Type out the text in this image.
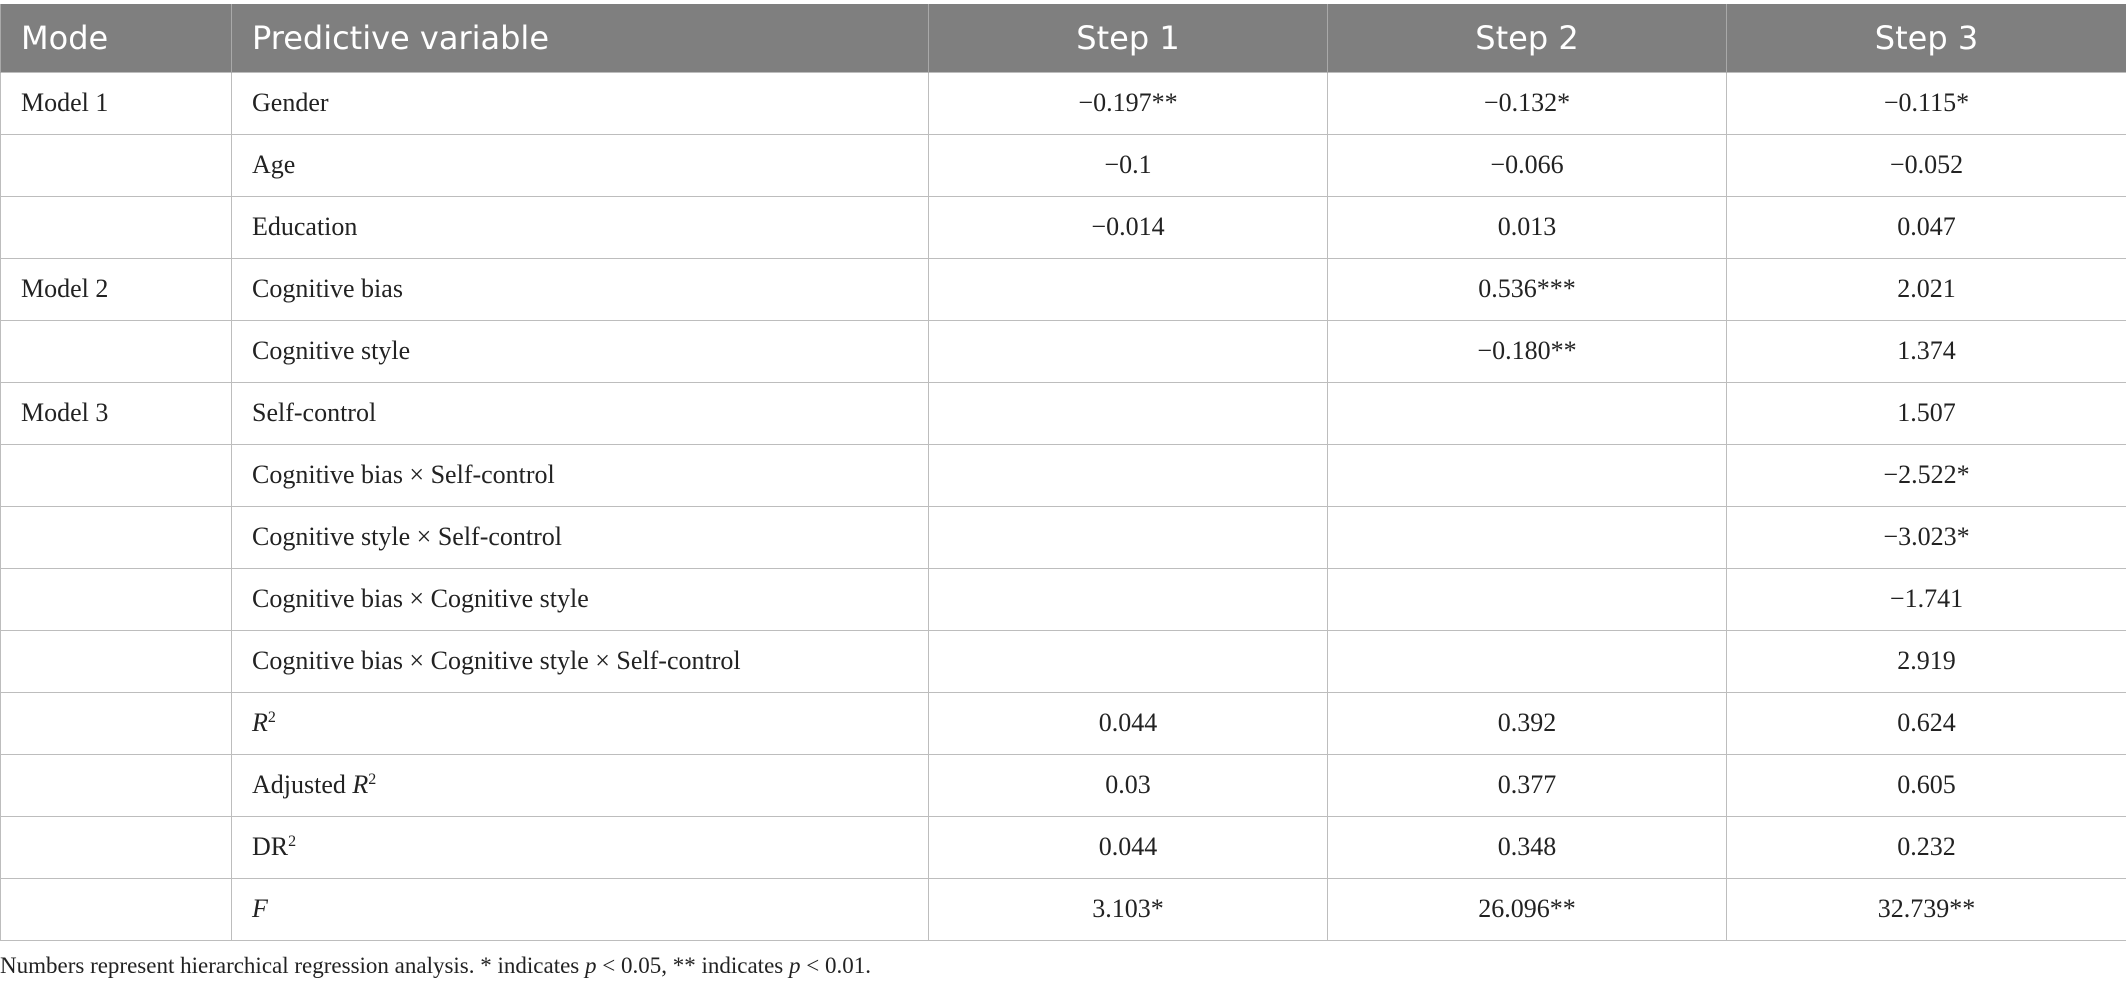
Mode	Predictive variable	Step 1	Step 2	Step 3
Model 1	Gender	−0.197**	−0.132*	−0.115*
	Age	−0.1	−0.066	−0.052
	Education	−0.014	0.013	0.047
Model 2	Cognitive bias		0.536***	2.021
	Cognitive style		−0.180**	1.374
Model 3	Self-control			1.507
	Cognitive bias × Self-control			−2.522*
	Cognitive style × Self-control			−3.023*
	Cognitive bias × Cognitive style			−1.741
	Cognitive bias × Cognitive style × Self-control			2.919
	$R^2$	0.044	0.392	0.624
	Adjusted $R^2$	0.03	0.377	0.605
	$DR^2$	0.044	0.348	0.232
	F	3.103*	26.096**	32.739**
Numbers represent hierarchical regression analysis. * indicates p < 0.05, ** indicates p < 0.01.
